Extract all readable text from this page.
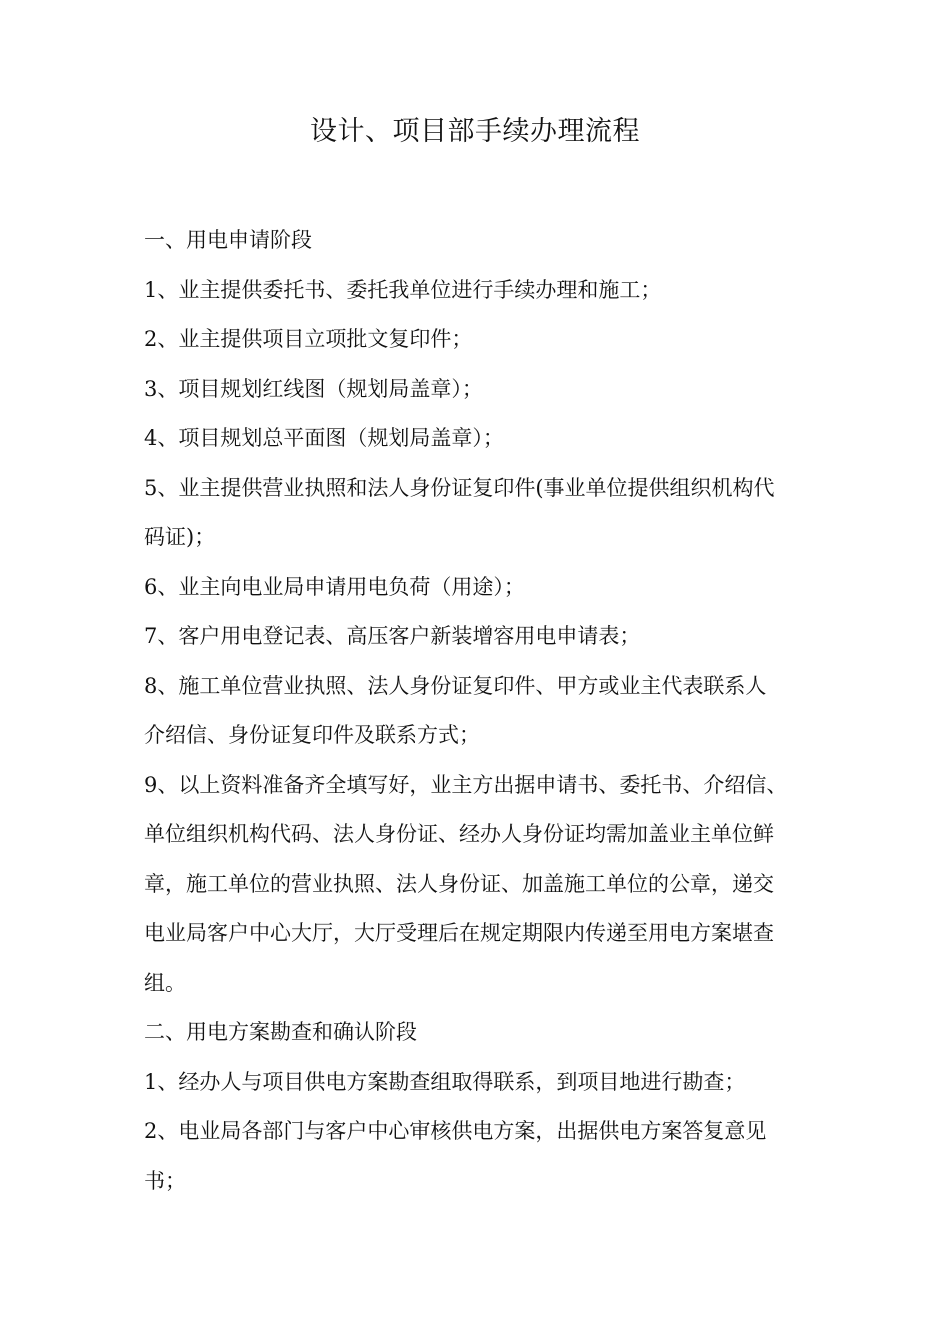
设计、项目部手续办理流程
一、用电申请阶段
1、业主提供委托书、委托我单位进行手续办理和施工；
2、业主提供项目立项批文复印件；
3、项目规划红线图（规划局盖章）；
4、项目规划总平面图（规划局盖章）；
5、业主提供营业执照和法人身份证复印件(事业单位提供组织机构代
码证)；
6、业主向电业局申请用电负荷（用途）；
7、客户用电登记表、高压客户新装增容用电申请表；
8、施工单位营业执照、法人身份证复印件、甲方或业主代表联系人
介绍信、身份证复印件及联系方式；
9、以上资料准备齐全填写好，业主方出据申请书、委托书、介绍信、
单位组织机构代码、法人身份证、经办人身份证均需加盖业主单位鲜
章，施工单位的营业执照、法人身份证、加盖施工单位的公章，递交
电业局客户中心大厅，大厅受理后在规定期限内传递至用电方案堪查
组。
二、用电方案勘查和确认阶段
1、经办人与项目供电方案勘查组取得联系，到项目地进行勘查；
2、电业局各部门与客户中心审核供电方案，出据供电方案答复意见
书；
